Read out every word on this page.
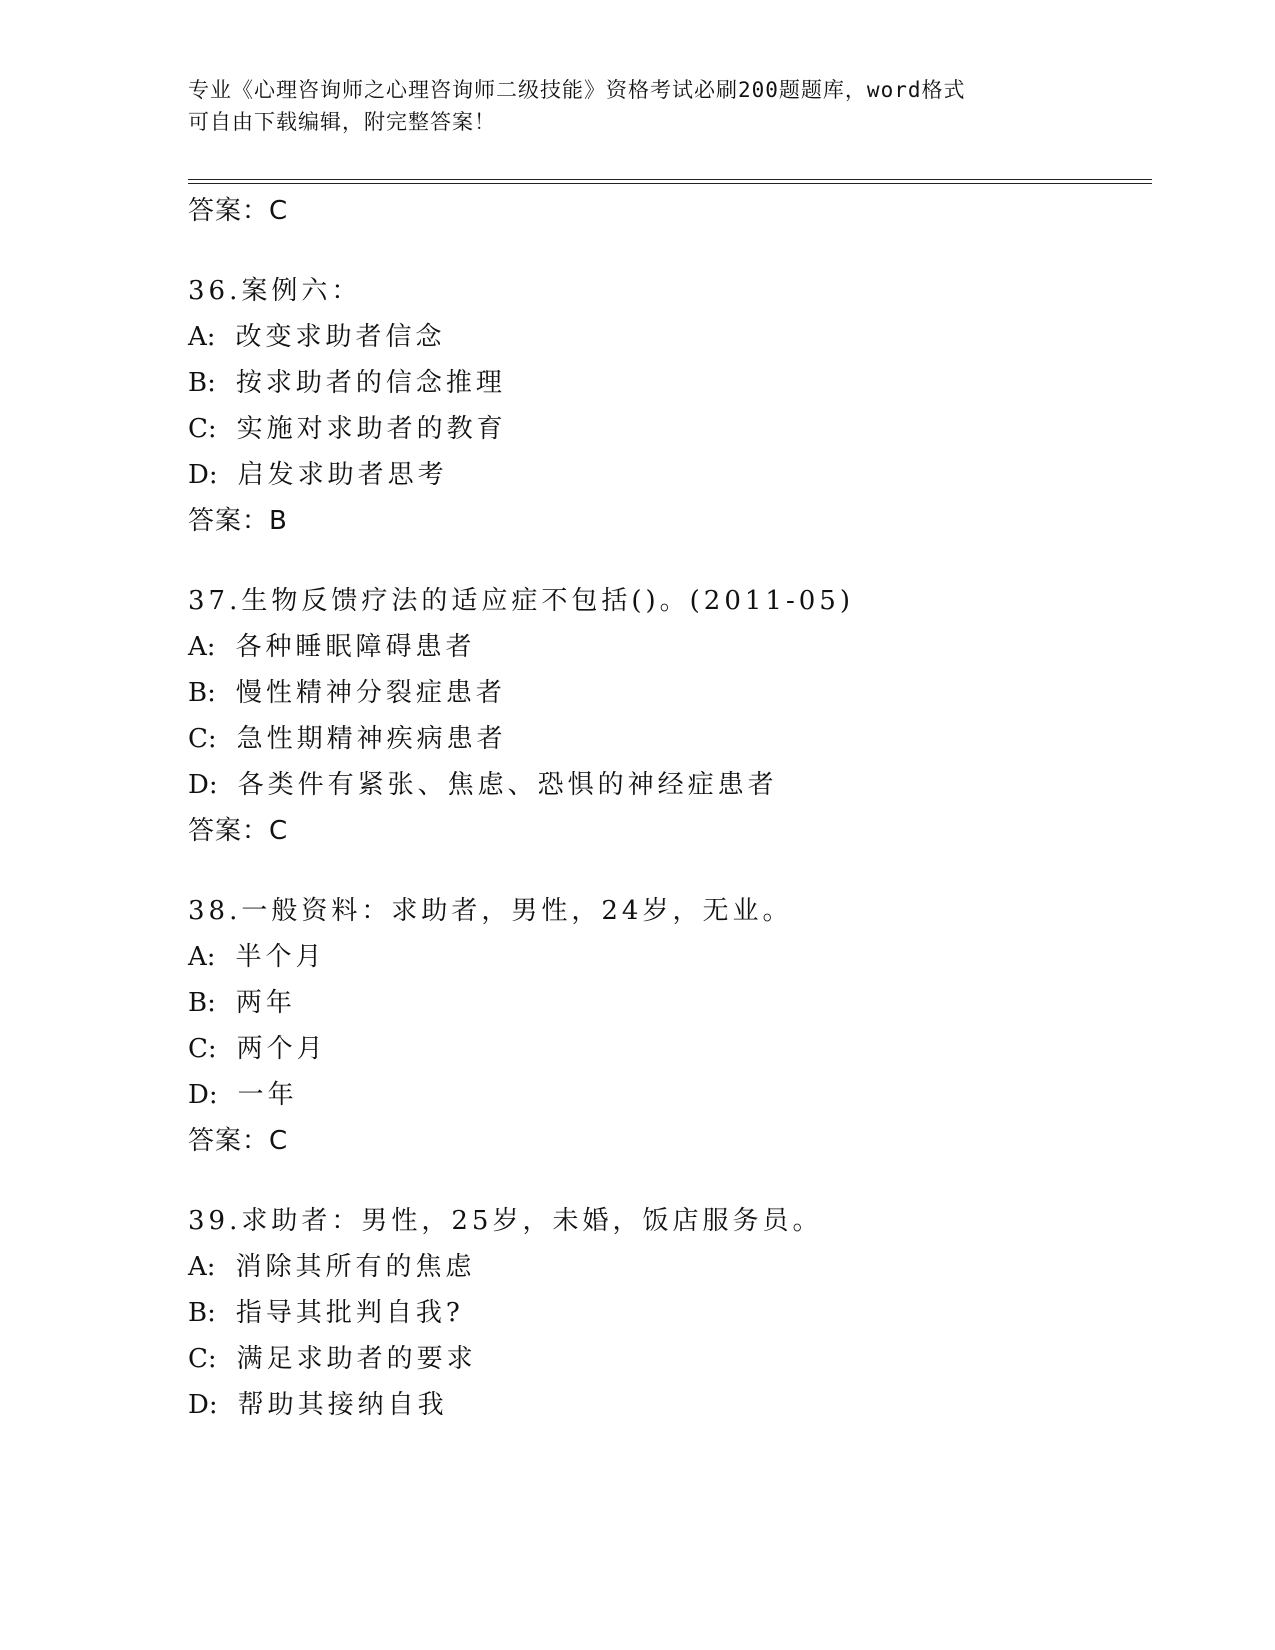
专业《心理咨询师之心理咨询师二级技能》资格考试必刷200题题库，word格式
可自由下载编辑，附完整答案！
答案：C
36.案例六：
A: 改变求助者信念
B: 按求助者的信念推理
C: 实施对求助者的教育
D: 启发求助者思考
答案：B
37.生物反馈疗法的适应症不包括()。(2011-05)
A: 各种睡眠障碍患者
B: 慢性精神分裂症患者
C: 急性期精神疾病患者
D: 各类件有紧张、焦虑、恐惧的神经症患者
答案：C
38.一般资料：求助者，男性，24岁，无业。
A: 半个月
B: 两年
C: 两个月
D: 一年
答案：C
39.求助者：男性，25岁，未婚，饭店服务员。
A: 消除其所有的焦虑
B: 指导其批判自我?
C: 满足求助者的要求
D: 帮助其接纳自我
